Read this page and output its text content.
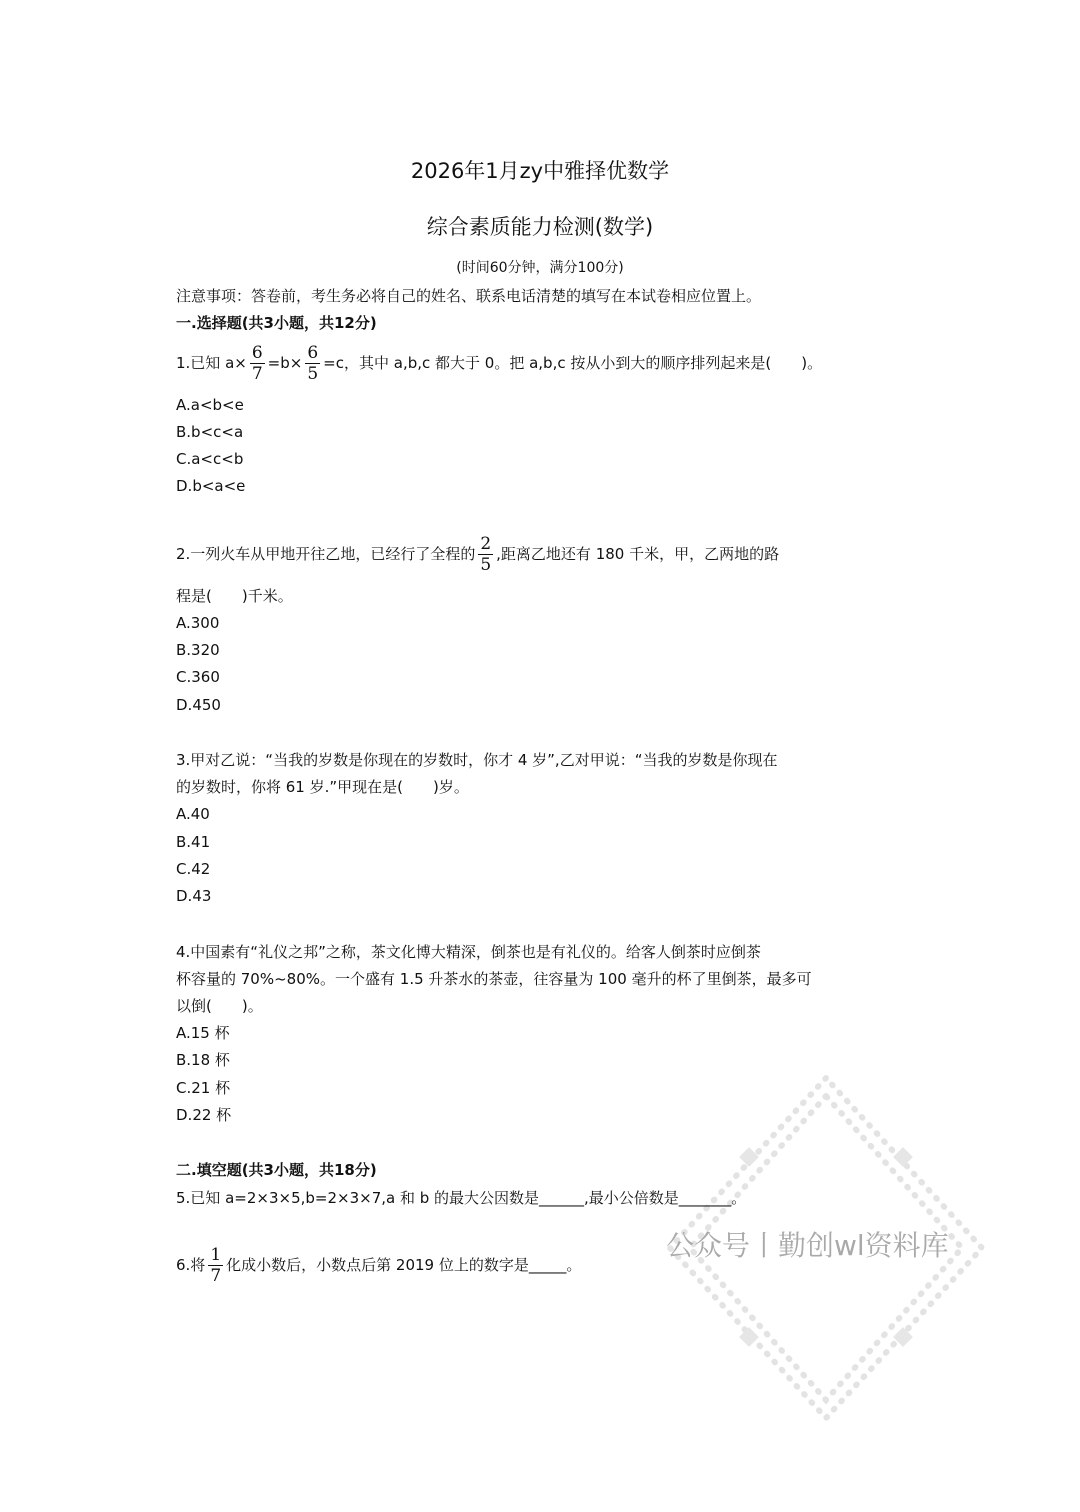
2026年1月zy中雅择优数学
综合素质能力检测(数学)
(时间60分钟，满分100分)
注意事项：答卷前，考生务必将自己的姓名、联系电话清楚的填写在本试卷相应位置上。
一.选择题(共3小题，共12分)
1.已知 $a\times \frac{6}{7} =b\times \frac{6}{5} =c$，其中 a,b,c 都大于 0。把 a,b,c 按从小到大的顺序排列起来是( )。
A.a<b<e
B.b<c<a
C.a<c<b
D.b<a<e
2.一列火车从甲地开往乙地，已经行了全程的 $\frac{2}{5}$ ,距离乙地还有 180 千米，甲，乙两地的路
程是(　　)千米。
A.300
B.320
C.360
D.450
3.甲对乙说：“当我的岁数是你现在的岁数时，你才 4 岁”,乙对甲说：“当我的岁数是你现在
的岁数时，你将 61 岁.”甲现在是(　　)岁。
A.40
B.41
C.42
D.43
4.中国素有“礼仪之邦”之称，茶文化博大精深，倒茶也是有礼仪的。给客人倒茶时应倒茶
杯容量的 70%~80%。一个盛有 1.5 升茶水的茶壶，往容量为 100 毫升的杯了里倒茶，最多可
以倒(　　)。
A.15 杯
B.18 杯
C.21 杯
D.22 杯
二.填空题(共3小题，共18分)
5.已知 a=2×3×5,b=2×3×7,a 和 b 的最大公因数是______,最小公倍数是_______。
6.将 $\frac{1}{7}$ 化成小数后，小数点后第 2019 位上的数字是_____。
公众号丨勤创wl资料库
